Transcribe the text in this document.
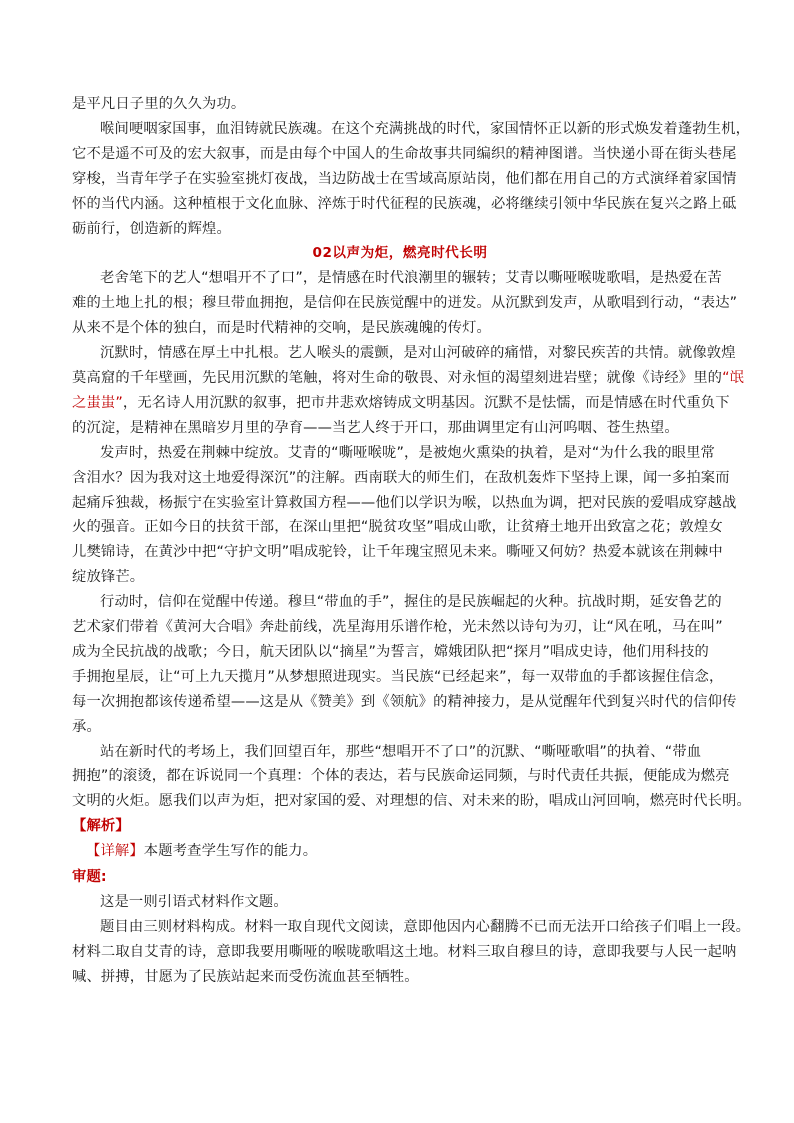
是平凡日子里的久久为功。

喉间哽咽家国事，血泪铸就民族魂。在这个充满挑战的时代，家国情怀正以新的形式焕发着蓬勃生机，
它不是遥不可及的宏大叙事，而是由每个中国人的生命故事共同编织的精神图谱。当快递小哥在街头巷尾
穿梭，当青年学子在实验室挑灯夜战，当边防战士在雪域高原站岗，他们都在用自己的方式演绎着家国情
怀的当代内涵。这种植根于文化血脉、淬炼于时代征程的民族魂，必将继续引领中华民族在复兴之路上砥
砺前行，创造新的辉煌。

02以声为炬，燃亮时代长明

老舍笔下的艺人“想唱开不了口”，是情感在时代浪潮里的辗转；艾青以嘶哑喉咙歌唱，是热爱在苦
难的土地上扎的根；穆旦带血拥抱，是信仰在民族觉醒中的迸发。从沉默到发声，从歌唱到行动，“表达”
从来不是个体的独白，而是时代精神的交响，是民族魂魄的传灯。

沉默时，情感在厚土中扎根。艺人喉头的震颤，是对山河破碎的痛惜，对黎民疾苦的共情。就像敦煌
莫高窟的千年壁画，先民用沉默的笔触，将对生命的敬畏、对永恒的渴望刻进岩壁；就像《诗经》里的“氓
之蚩蚩”，无名诗人用沉默的叙事，把市井悲欢熔铸成文明基因。沉默不是怯懦，而是情感在时代重负下
的沉淀，是精神在黑暗岁月里的孕育——当艺人终于开口，那曲调里定有山河呜咽、苍生热望。

发声时，热爱在荆棘中绽放。艾青的“嘶哑喉咙”，是被炮火熏染的执着，是对“为什么我的眼里常
含泪水？因为我对这土地爱得深沉”的注解。西南联大的师生们，在敌机轰炸下坚持上课，闻一多拍案而
起痛斥独裁，杨振宁在实验室计算救国方程——他们以学识为喉，以热血为调，把对民族的爱唱成穿越战
火的强音。正如今日的扶贫干部，在深山里把“脱贫攻坚”唱成山歌，让贫瘠土地开出致富之花；敦煌女
儿樊锦诗，在黄沙中把“守护文明”唱成驼铃，让千年瑰宝照见未来。嘶哑又何妨？热爱本就该在荆棘中
绽放锋芒。

行动时，信仰在觉醒中传递。穆旦“带血的手”，握住的是民族崛起的火种。抗战时期，延安鲁艺的
艺术家们带着《黄河大合唱》奔赴前线，冼星海用乐谱作枪，光未然以诗句为刃，让“风在吼，马在叫”
成为全民抗战的战歌；今日，航天团队以“摘星”为誓言，嫦娥团队把“探月”唱成史诗，他们用科技的
手拥抱星辰，让“可上九天揽月”从梦想照进现实。当民族“已经起来”，每一双带血的手都该握住信念，
每一次拥抱都该传递希望——这是从《赞美》到《领航》的精神接力，是从觉醒年代到复兴时代的信仰传
承。

站在新时代的考场上，我们回望百年，那些“想唱开不了口”的沉默、“嘶哑歌唱”的执着、“带血
拥抱”的滚烫，都在诉说同一个真理：个体的表达，若与民族命运同频，与时代责任共振，便能成为燃亮
文明的火炬。愿我们以声为炬，把对家国的爱、对理想的信、对未来的盼，唱成山河回响，燃亮时代长明。

【解析】

【详解】本题考查学生写作的能力。

审题:

这是一则引语式材料作文题。

题目由三则材料构成。材料一取自现代文阅读，意即他因内心翻腾不已而无法开口给孩子们唱上一段。
材料二取自艾青的诗，意即我要用嘶哑的喉咙歌唱这土地。材料三取自穆旦的诗，意即我要与人民一起呐
喊、拼搏，甘愿为了民族站起来而受伤流血甚至牺牲。
